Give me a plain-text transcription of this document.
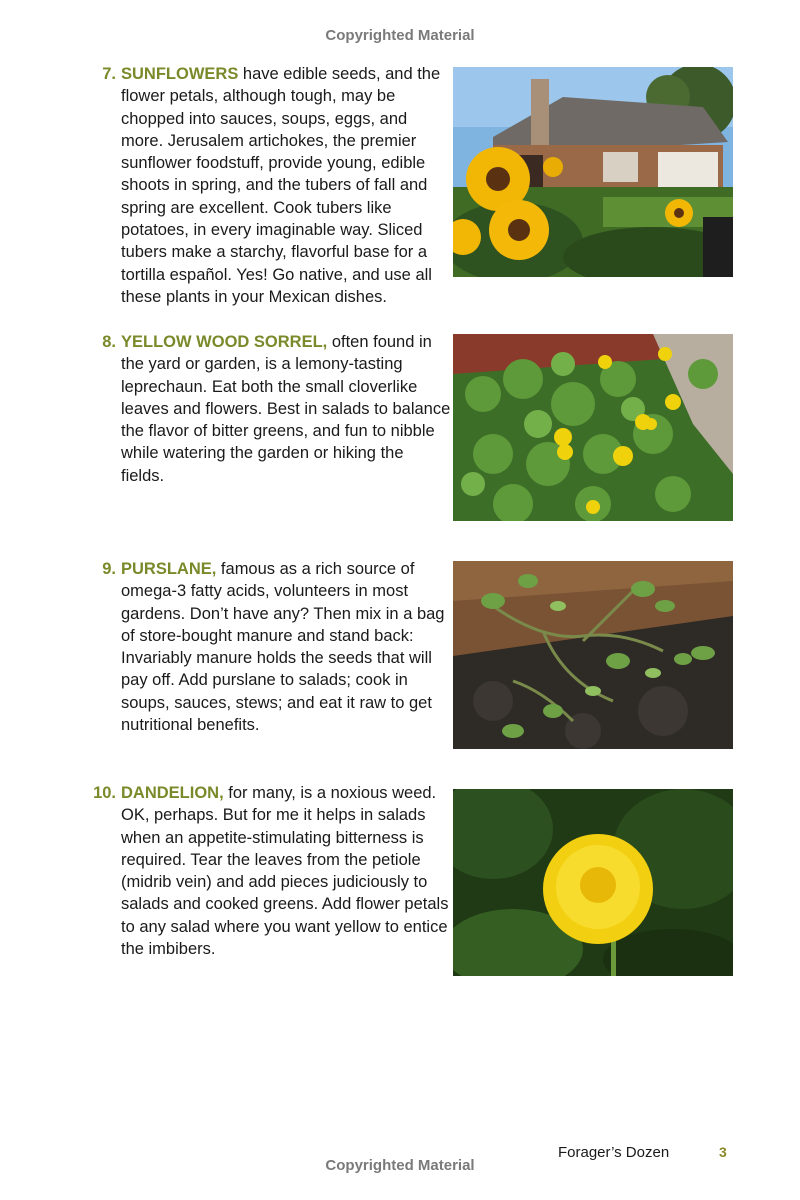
Copyrighted Material
7. SUNFLOWERS have edible seeds, and the flower petals, although tough, may be chopped into sauces, soups, eggs, and more. Jerusalem artichokes, the premier sunflower foodstuff, provide young, edible shoots in spring, and the tubers of fall and spring are excellent. Cook tubers like potatoes, in every imaginable way. Sliced tubers make a starchy, flavorful base for a tortilla español. Yes! Go native, and use all these plants in your Mexican dishes.
8. YELLOW WOOD SORREL, often found in the yard or garden, is a lemony-tasting leprechaun. Eat both the small cloverlike leaves and flowers. Best in salads to balance the flavor of bitter greens, and fun to nibble while watering the garden or hiking the fields.
9. PURSLANE, famous as a rich source of omega-3 fatty acids, volunteers in most gardens. Don’t have any? Then mix in a bag of store-bought manure and stand back: Invariably manure holds the seeds that will pay off. Add purslane to salads; cook in soups, sauces, stews; and eat it raw to get nutritional benefits.
10. DANDELION, for many, is a noxious weed. OK, perhaps. But for me it helps in salads when an appetite-stimulating bitterness is required. Tear the leaves from the petiole (midrib vein) and add pieces judiciously to salads and cooked greens. Add flower petals to any salad where you want yellow to entice the imbibers.
Forager’s Dozen	3
Copyrighted Material
